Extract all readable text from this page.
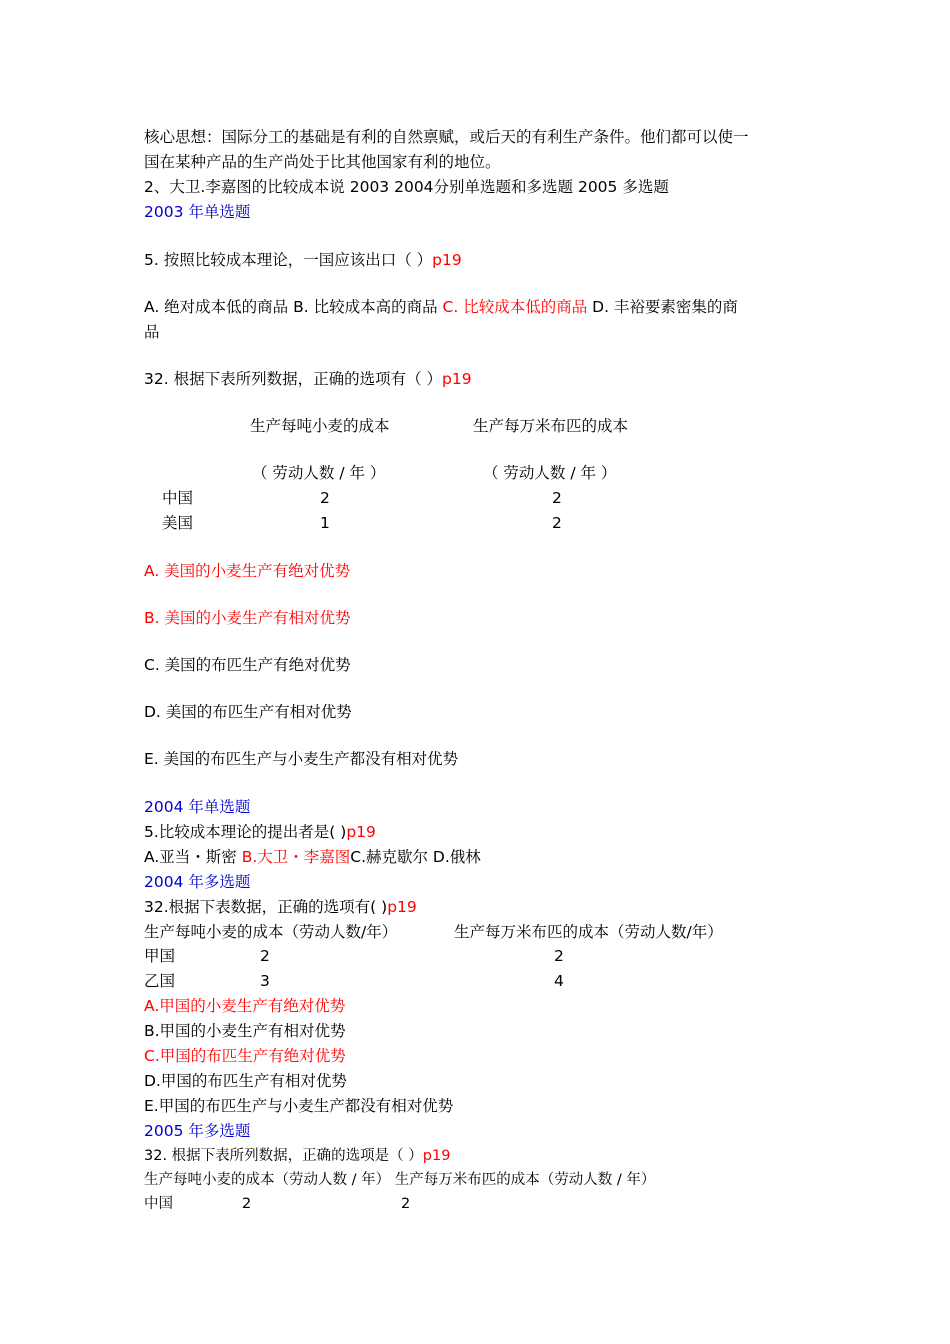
核心思想：国际分工的基础是有利的自然禀赋，或后天的有利生产条件。他们都可以使一
国在某种产品的生产尚处于比其他国家有利的地位。
2、大卫.李嘉图的比较成本说 2003 2004分别单选题和多选题 2005 多选题
2003 年单选题
5. 按照比较成本理论，一国应该出口（ ）p19
A. 绝对成本低的商品 B. 比较成本高的商品 C. 比较成本低的商品 D. 丰裕要素密集的商
品
32. 根据下表所列数据，正确的选项有（ ）p19
生产每吨小麦的成本	生产每万米布匹的成本
（ 劳动人数 / 年 ）	（ 劳动人数 / 年 ）
中国	2	2
美国	1	2
A. 美国的小麦生产有绝对优势
B. 美国的小麦生产有相对优势
C. 美国的布匹生产有绝对优势
D. 美国的布匹生产有相对优势
E. 美国的布匹生产与小麦生产都没有相对优势
2004 年单选题
5.比较成本理论的提出者是( )p19
A.亚当・斯密 B.大卫・李嘉图C.赫克歇尔 D.俄林
2004 年多选题
32.根据下表数据，正确的选项有( )p19
生产每吨小麦的成本（劳动人数/年）	生产每万米布匹的成本（劳动人数/年）
甲国	2	2
乙国	3	4
A.甲国的小麦生产有绝对优势
B.甲国的小麦生产有相对优势
C.甲国的布匹生产有绝对优势
D.甲国的布匹生产有相对优势
E.甲国的布匹生产与小麦生产都没有相对优势
2005 年多选题
32. 根据下表所列数据，正确的选项是（ ）p19
生产每吨小麦的成本（劳动人数 / 年） 生产每万米布匹的成本（劳动人数 / 年）
中国	2	2
